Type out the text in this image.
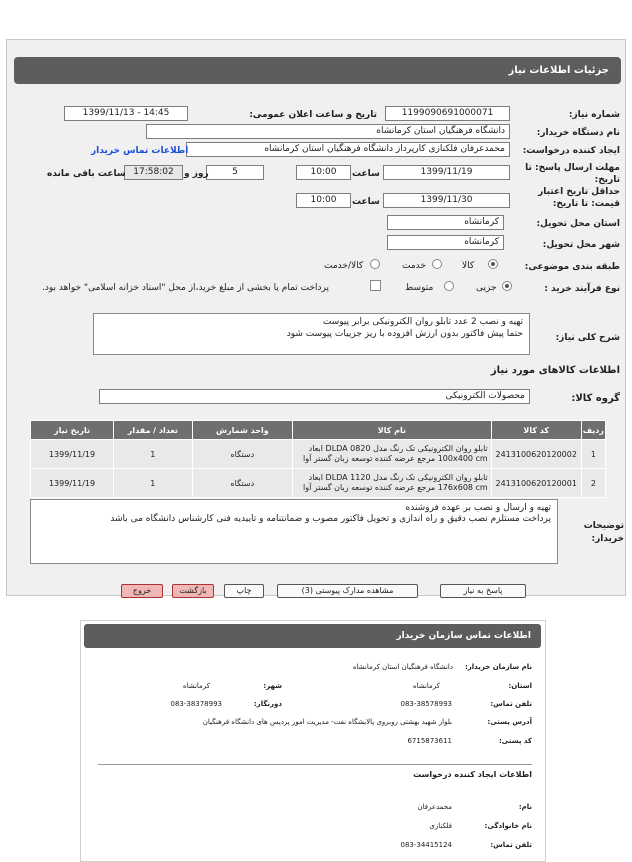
جزئیات اطلاعات نیاز
شماره نیاز:
1199090691000071
تاریخ و ساعت اعلان عمومی:
1399/11/13 - 14:45
نام دستگاه خریدار:
دانشگاه فرهنگیان استان کرمانشاه
ایجاد کننده درخواست:
محمدعرفان فلکنازی کارپرداز دانشگاه فرهنگیان استان کرمانشاه
اطلاعات تماس خریدار
مهلت ارسال پاسخ: تا تاریخ:
1399/11/19
ساعت
10:00
5
روز و
17:58:02
ساعت باقی مانده
حداقل تاریخ اعتبار قیمت: تا تاریخ:
1399/11/30
ساعت
10:00
استان محل تحویل:
کرمانشاه
شهر محل تحویل:
کرمانشاه
طبقه بندی موضوعی:
کالا
خدمت
کالا/خدمت
نوع فرآیند خرید :
جزیی
متوسط
پرداخت تمام یا بخشی از مبلغ خرید،از محل "اسناد خزانه اسلامی" خواهد بود.
شرح کلی نیاز:
تهیه و نصب 2 عدد تابلو روان الکترونیکی برابر پیوست
حتما پیش فاکتور بدون ارزش افزوده با ریز جزییات پیوست شود
اطلاعات کالاهای مورد نیاز
گروه کالا:
محصولات الکترونیکی
ردیف	کد کالا	نام کالا	واحد شمارش	تعداد / مقدار	تاریخ نیاز
1	2413100620120002	تابلو روان الکترونیکی تک رنگ مدل DLDA 0820 ابعاد
100x400 cm مرجع عرضه کننده توسعه زبان گستر آوا	دستگاه	1	1399/11/19
2	2413100620120001	تابلو روان الکترونیکی تک رنگ مدل DLDA 1120 ابعاد
176x608 cm مرجع عرضه کننده توسعه زبان گستر آوا	دستگاه	1	1399/11/19
توضیحات خریدار:
تهیه و ارسال و نصب بر عهده فروشنده
پرداخت مستلزم نصب دقیق و راه اندازی و تحویل فاکتور مصوب و ضمانتنامه و تاییدیه فنی کارشناس دانشگاه می باشد
پاسخ به نیاز
مشاهده مدارک پیوستی (3)
چاپ
بازگشت
خروج
اطلاعات تماس سازمان خریدار
نام سازمان خریدار:
دانشگاه فرهنگیان استان کرمانشاه
استان:
کرمانشاه
شهر:
کرمانشاه
تلفن تماس:
083-38578993
دورنگار:
083-38378993
آدرس پستی:
بلوار شهید بهشتی روبروی پالایشگاه نفت- مدیریت امور پردیس های دانشگاه فرهنگیان
کد پستی:
6715873611
اطلاعات ایجاد کننده درخواست
نام:
محمدعرفان
نام خانوادگی:
فلکنازی
تلفن تماس:
083-34415124
